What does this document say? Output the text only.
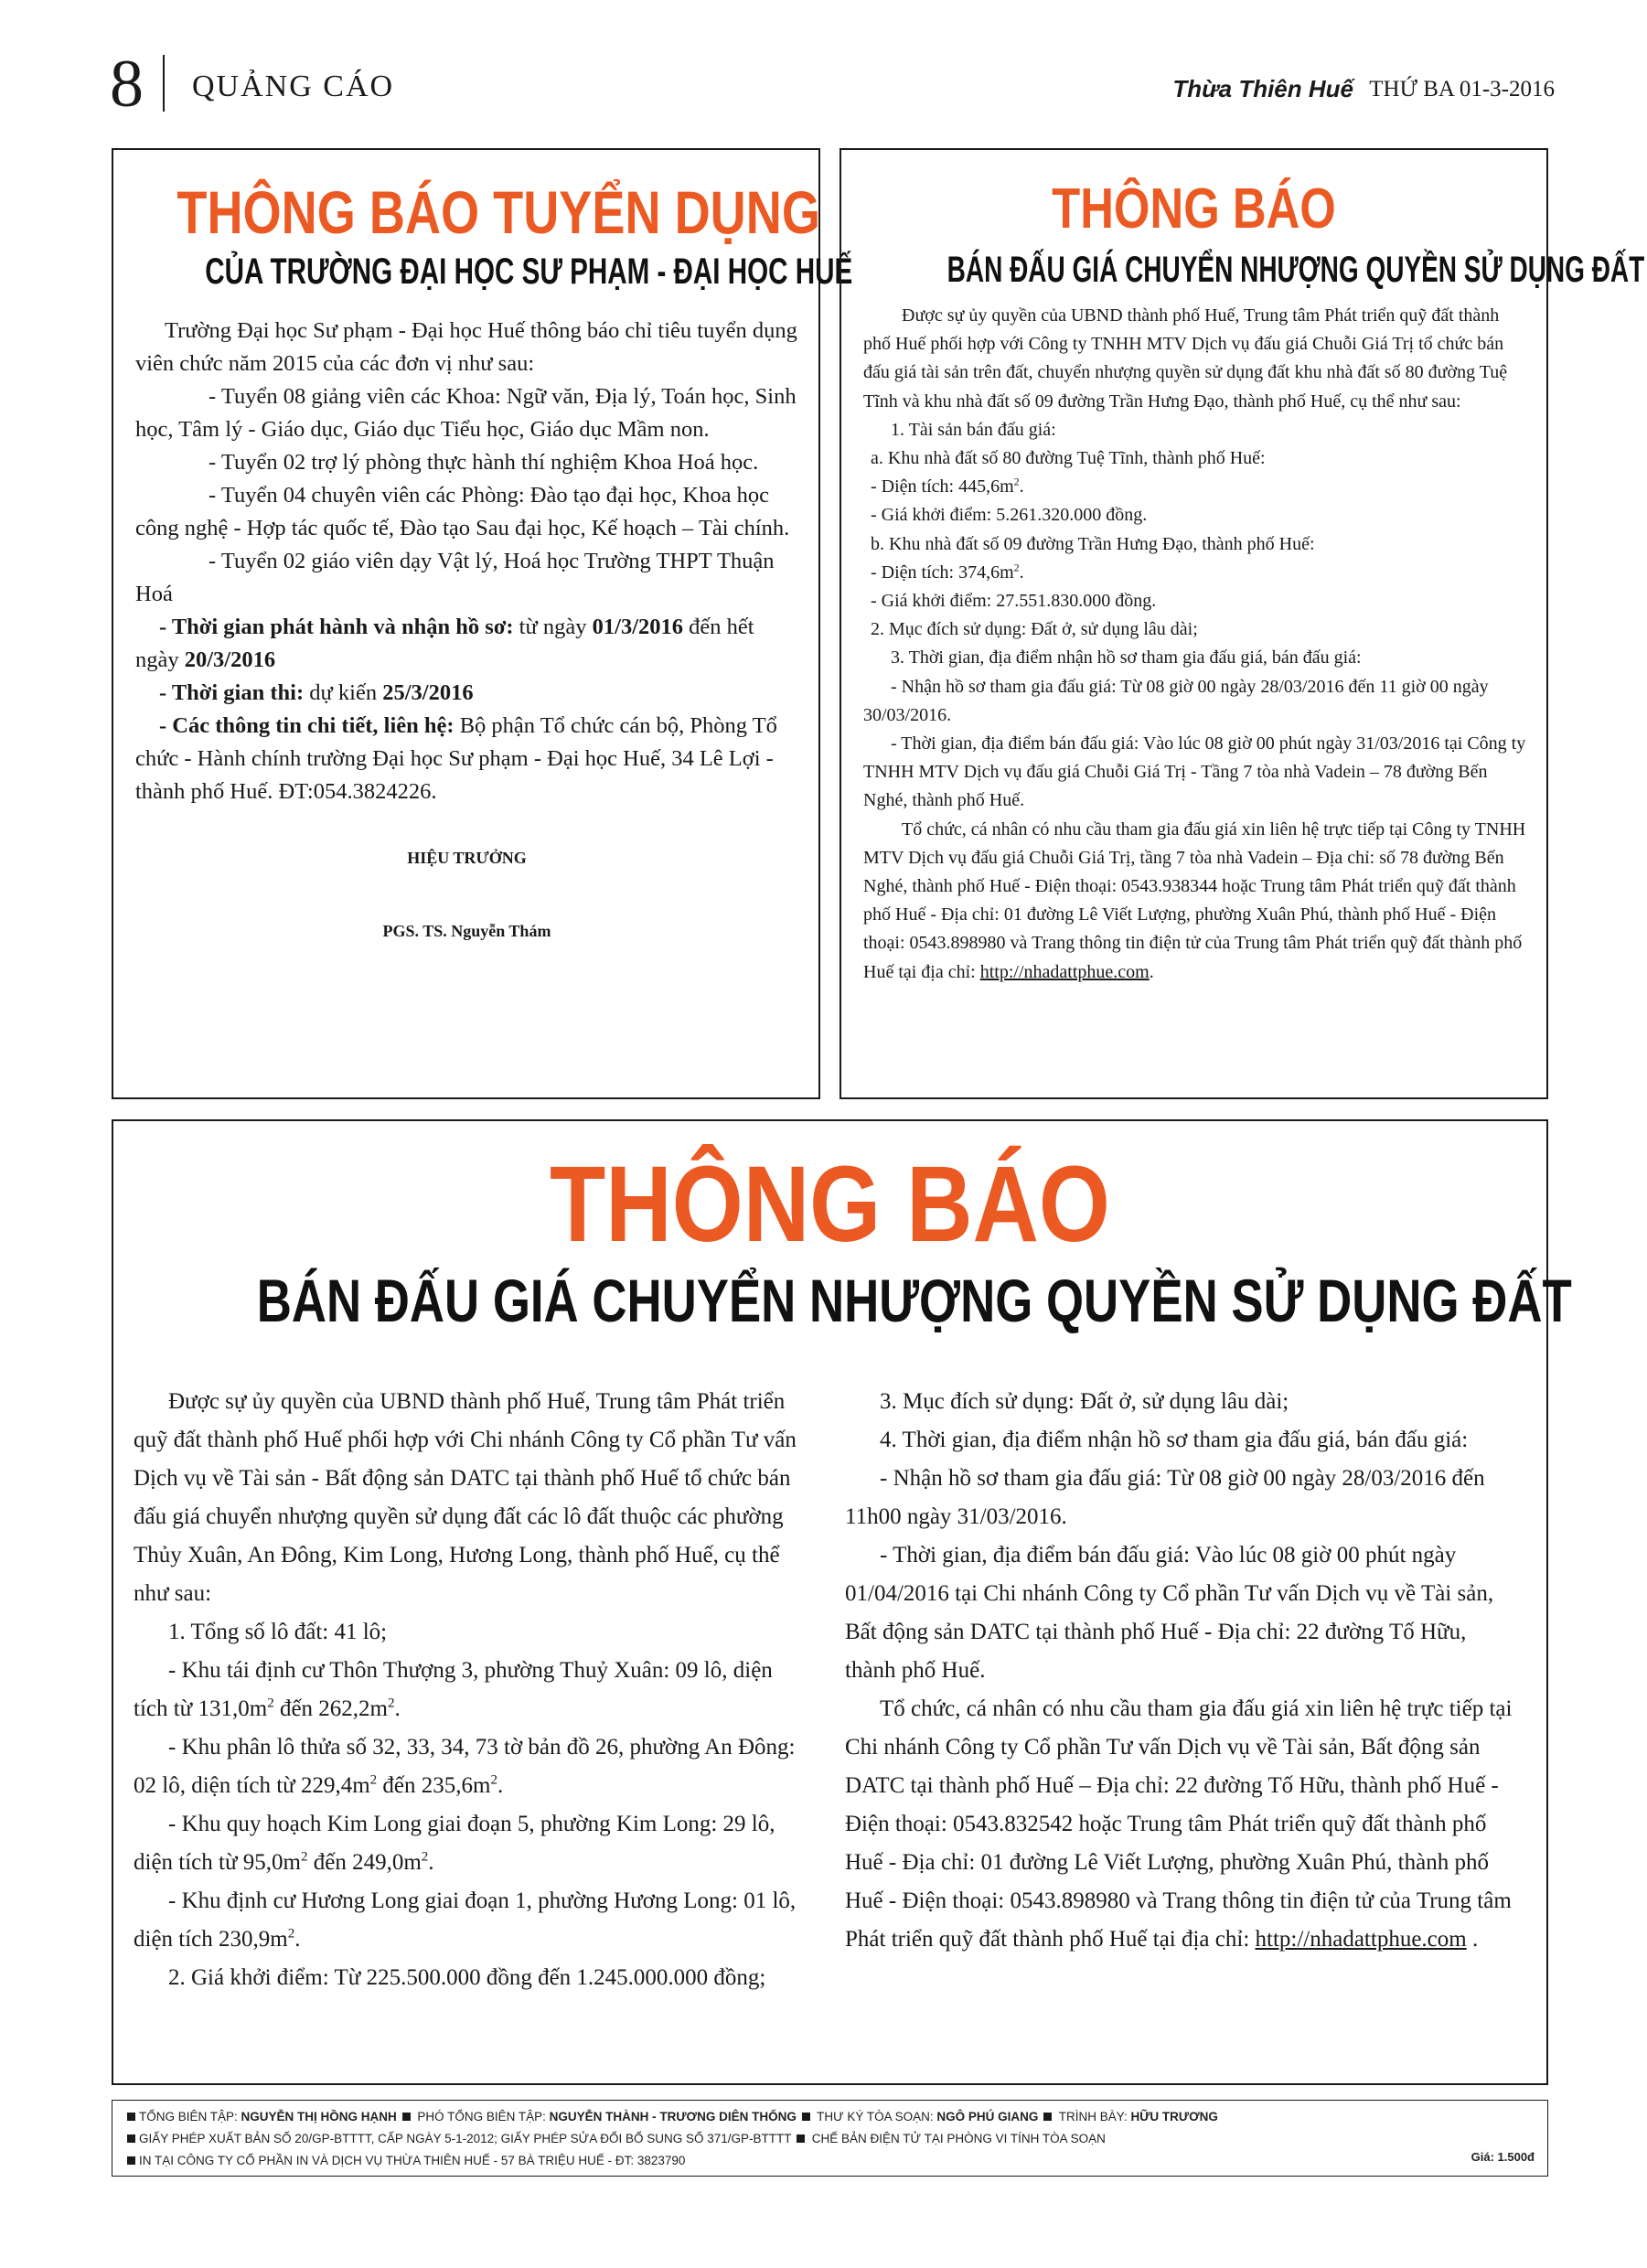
8 QUẢNG CÁO	Thừa Thiên Huế THỨ BA 01-3-2016
THÔNG BÁO TUYỂN DỤNG
CỦA TRƯỜNG ĐẠI HỌC SƯ PHẠM - ĐẠI HỌC HUẾ

Trường Đại học Sư phạm - Đại học Huế thông báo chỉ tiêu tuyển dụng viên chức năm 2015 của các đơn vị như sau:

- Tuyển 08 giảng viên các Khoa: Ngữ văn, Địa lý, Toán học, Sinh học, Tâm lý - Giáo dục, Giáo dục Tiểu học, Giáo dục Mầm non.

- Tuyển 02 trợ lý phòng thực hành thí nghiệm Khoa Hoá học.

- Tuyển 04 chuyên viên các Phòng: Đào tạo đại học, Khoa học công nghệ - Hợp tác quốc tế, Đào tạo Sau đại học, Kế hoạch – Tài chính.

- Tuyển 02 giáo viên dạy Vật lý, Hoá học Trường THPT Thuận Hoá

- Thời gian phát hành và nhận hồ sơ: từ ngày 01/3/2016 đến hết ngày 20/3/2016

- Thời gian thi: dự kiến 25/3/2016

- Các thông tin chi tiết, liên hệ: Bộ phận Tổ chức cán bộ, Phòng Tổ chức - Hành chính trường Đại học Sư phạm - Đại học Huế, 34 Lê Lợi - thành phố Huế. ĐT:054.3824226.

HIỆU TRƯỞNG

PGS. TS. Nguyễn Thám

THÔNG BÁO
BÁN ĐẤU GIÁ CHUYỂN NHƯỢNG QUYỀN SỬ DỤNG ĐẤT

Được sự ủy quyền của UBND thành phố Huế, Trung tâm Phát triển quỹ đất thành phố Huế phối hợp với Công ty TNHH MTV Dịch vụ đấu giá Chuỗi Giá Trị tổ chức bán đấu giá tài sản trên đất, chuyển nhượng quyền sử dụng đất khu nhà đất số 80 đường Tuệ Tĩnh và khu nhà đất số 09 đường Trần Hưng Đạo, thành phố Huế, cụ thể như sau:

1. Tài sản bán đấu giá:

a. Khu nhà đất số 80 đường Tuệ Tĩnh, thành phố Huế:

- Diện tích: $445,6m^2$.

- Giá khởi điểm: 5.261.320.000 đồng.

b. Khu nhà đất số 09 đường Trần Hưng Đạo, thành phố Huế:

- Diện tích: $374,6m^2$.

- Giá khởi điểm: 27.551.830.000 đồng.

2. Mục đích sử dụng: Đất ở, sử dụng lâu dài;

3. Thời gian, địa điểm nhận hồ sơ tham gia đấu giá, bán đấu giá:

- Nhận hồ sơ tham gia đấu giá: Từ 08 giờ 00 ngày 28/03/2016 đến 11 giờ 00 ngày 30/03/2016.

- Thời gian, địa điểm bán đấu giá: Vào lúc 08 giờ 00 phút ngày 31/03/2016 tại Công ty TNHH MTV Dịch vụ đấu giá Chuỗi Giá Trị - Tầng 7 tòa nhà Vadein – 78 đường Bến Nghé, thành phố Huế.

Tổ chức, cá nhân có nhu cầu tham gia đấu giá xin liên hệ trực tiếp tại Công ty TNHH MTV Dịch vụ đấu giá Chuỗi Giá Trị, tầng 7 tòa nhà Vadein – Địa chỉ: số 78 đường Bến Nghé, thành phố Huế - Điện thoại: 0543.938344 hoặc Trung tâm Phát triển quỹ đất thành phố Huế - Địa chỉ: 01 đường Lê Viết Lượng, phường Xuân Phú, thành phố Huế - Điện thoại: 0543.898980 và Trang thông tin điện tử của Trung tâm Phát triển quỹ đất thành phố Huế tại địa chỉ: http://nhadattphue.com.

THÔNG BÁO
BÁN ĐẤU GIÁ CHUYỂN NHƯỢNG QUYỀN SỬ DỤNG ĐẤT

Được sự ủy quyền của UBND thành phố Huế, Trung tâm Phát triển quỹ đất thành phố Huế phối hợp với Chi nhánh Công ty Cổ phần Tư vấn Dịch vụ về Tài sản - Bất động sản DATC tại thành phố Huế tổ chức bán đấu giá chuyển nhượng quyền sử dụng đất các lô đất thuộc các phường Thủy Xuân, An Đông, Kim Long, Hương Long, thành phố Huế, cụ thể như sau:

1. Tổng số lô đất: 41 lô;

- Khu tái định cư Thôn Thượng 3, phường Thuỷ Xuân: 09 lô, diện tích từ $131,0m^2$ đến $262,2m^2$.

- Khu phân lô thửa số 32, 33, 34, 73 tờ bản đồ 26, phường An Đông: 02 lô, diện tích từ $229,4m^2$ đến $235,6m^2$.

- Khu quy hoạch Kim Long giai đoạn 5, phường Kim Long: 29 lô, diện tích từ $95,0m^2$ đến $249,0m^2$.

- Khu định cư Hương Long giai đoạn 1, phường Hương Long: 01 lô, diện tích $230,9m^2$.

2. Giá khởi điểm: Từ 225.500.000 đồng đến 1.245.000.000 đồng;

3. Mục đích sử dụng: Đất ở, sử dụng lâu dài;

4. Thời gian, địa điểm nhận hồ sơ tham gia đấu giá, bán đấu giá:

- Nhận hồ sơ tham gia đấu giá: Từ 08 giờ 00 ngày 28/03/2016 đến 11h00 ngày 31/03/2016.

- Thời gian, địa điểm bán đấu giá: Vào lúc 08 giờ 00 phút ngày 01/04/2016 tại Chi nhánh Công ty Cổ phần Tư vấn Dịch vụ về Tài sản, Bất động sản DATC tại thành phố Huế - Địa chỉ: 22 đường Tố Hữu, thành phố Huế.

Tổ chức, cá nhân có nhu cầu tham gia đấu giá xin liên hệ trực tiếp tại Chi nhánh Công ty Cổ phần Tư vấn Dịch vụ về Tài sản, Bất động sản DATC tại thành phố Huế – Địa chỉ: 22 đường Tố Hữu, thành phố Huế - Điện thoại: 0543.832542 hoặc Trung tâm Phát triển quỹ đất thành phố Huế - Địa chỉ: 01 đường Lê Viết Lượng, phường Xuân Phú, thành phố Huế - Điện thoại: 0543.898980 và Trang thông tin điện tử của Trung tâm Phát triển quỹ đất thành phố Huế tại địa chỉ: http://nhadattphue.com .

TỔNG BIÊN TẬP: NGUYỄN THỊ HỒNG HẠNH  PHÓ TỔNG BIÊN TẬP: NGUYỄN THÀNH - TRƯƠNG DIÊN THỐNG  THƯ KÝ TÒA SOẠN: NGÔ PHÚ GIANG  TRÌNH BÀY: HỮU TRƯƠNG
GIẤY PHÉP XUẤT BẢN SỐ 20/GP-BTTTT, CẤP NGÀY 5-1-2012; GIẤY PHÉP SỬA ĐỔI BỔ SUNG SỐ 371/GP-BTTTT  CHẾ BẢN ĐIỆN TỬ TẠI PHÒNG VI TÍNH TÒA SOẠN
IN TẠI CÔNG TY CỔ PHẦN IN VÀ DỊCH VỤ THỪA THIÊN HUẾ - 57 BÀ TRIỆU HUẾ - ĐT: 3823790	Giá: 1.500đ
